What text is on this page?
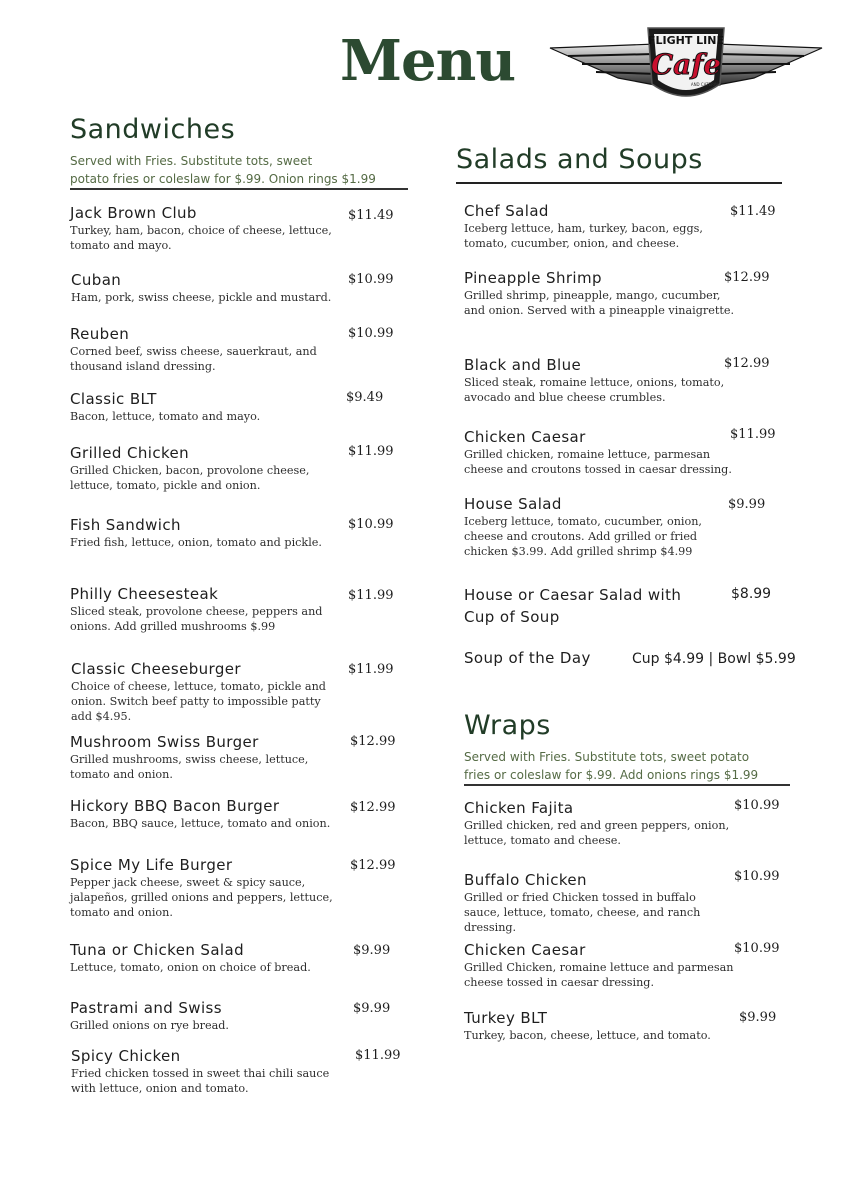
Menu	FLIGHT LINE
Cafe
AND CATERING
Sandwiches
Served with Fries. Substitute tots, sweet
potato fries or coleslaw for $.99. Onion rings $1.99
Jack Brown Club
Turkey, ham, bacon, choice of cheese, lettuce, tomato and mayo.
$11.49
Cuban
Ham, pork, swiss cheese, pickle and mustard.
$10.99
Reuben
Corned beef, swiss cheese, sauerkraut, and thousand island dressing.
$10.99
Classic BLT
Bacon, lettuce, tomato and mayo.
$9.49
Grilled Chicken
Grilled Chicken, bacon, provolone cheese, lettuce, tomato, pickle and onion.
$11.99
Fish Sandwich
Fried fish, lettuce, onion, tomato and pickle.
$10.99
Philly Cheesesteak
Sliced steak, provolone cheese, peppers and onions. Add grilled mushrooms $.99
$11.99
Classic Cheeseburger
Choice of cheese, lettuce, tomato, pickle and onion. Switch beef patty to impossible patty add $4.95.
$11.99
Mushroom Swiss Burger
Grilled mushrooms, swiss cheese, lettuce, tomato and onion.
$12.99
Hickory BBQ Bacon Burger
Bacon, BBQ sauce, lettuce, tomato and onion.
$12.99
Spice My Life Burger
Pepper jack cheese, sweet & spicy sauce, jalapeños, grilled onions and peppers, lettuce, tomato and onion.
$12.99
Tuna or Chicken Salad
Lettuce, tomato, onion on choice of bread.
$9.99
Pastrami and Swiss
Grilled onions on rye bread.
$9.99
Spicy Chicken
Fried chicken tossed in sweet thai chili sauce with lettuce, onion and tomato.
$11.99
Salads and Soups
Chef Salad
Iceberg lettuce, ham, turkey, bacon, eggs, tomato, cucumber, onion, and cheese.
$11.49
Pineapple Shrimp
Grilled shrimp, pineapple, mango, cucumber, and onion. Served with a pineapple vinaigrette.
$12.99
Black and Blue
Sliced steak, romaine lettuce, onions, tomato, avocado and blue cheese crumbles.
$12.99
Chicken Caesar
Grilled chicken, romaine lettuce, parmesan cheese and croutons tossed in caesar dressing.
$11.99
House Salad
Iceberg lettuce, tomato, cucumber, onion, cheese and croutons. Add grilled or fried chicken $3.99. Add grilled shrimp $4.99
$9.99
House or Caesar Salad with
Cup of Soup
$8.99
Soup of the Day	Cup $4.99 | Bowl $5.99
Wraps
Served with Fries. Substitute tots, sweet potato
fries or coleslaw for $.99. Add onions rings $1.99
Chicken Fajita
Grilled chicken, red and green peppers, onion, lettuce, tomato and cheese.
$10.99
Buffalo Chicken
Grilled or fried Chicken tossed in buffalo sauce, lettuce, tomato, cheese, and ranch dressing.
$10.99
Chicken Caesar
Grilled Chicken, romaine lettuce and parmesan cheese tossed in caesar dressing.
$10.99
Turkey BLT
Turkey, bacon, cheese, lettuce, and tomato.
$9.99
